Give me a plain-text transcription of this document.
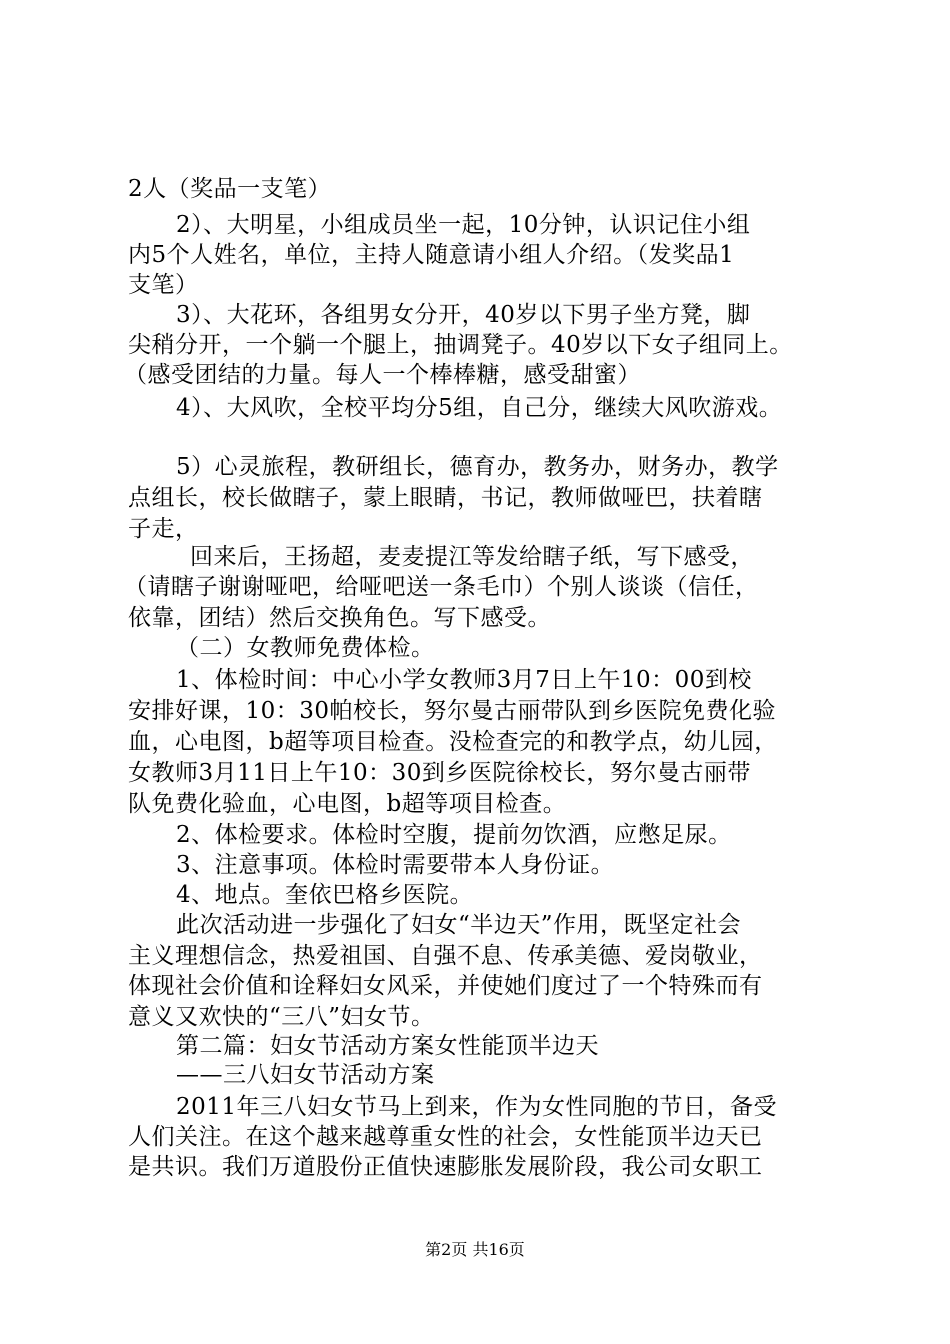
2人（奖品一支笔）
2）、大明星，小组成员坐一起，10分钟，认识记住小组
内5个人姓名，单位，主持人随意请小组人介绍。（发奖品1
支笔）
3）、大花环，各组男女分开，40岁以下男子坐方凳，脚
尖稍分开，一个躺一个腿上，抽调凳子。40岁以下女子组同上。
（感受团结的力量。每人一个棒棒糖，感受甜蜜）
4）、大风吹，全校平均分5组，自己分，继续大风吹游戏。
5）心灵旅程，教研组长，德育办，教务办，财务办，教学
点组长，校长做瞎子，蒙上眼睛，书记，教师做哑巴，扶着瞎
子走，
回来后，王扬超，麦麦提江等发给瞎子纸，写下感受，
（请瞎子谢谢哑吧，给哑吧送一条毛巾）个别人谈谈（信任，
依靠，团结）然后交换角色。写下感受。
（二）女教师免费体检。
1、体检时间：中心小学女教师3月7日上午10：00到校
安排好课，10：30帕校长，努尔曼古丽带队到乡医院免费化验
血，心电图，b超等项目检查。没检查完的和教学点，幼儿园，
女教师3月11日上午10：30到乡医院徐校长，努尔曼古丽带
队免费化验血，心电图，b超等项目检查。
2、体检要求。体检时空腹，提前勿饮酒，应憋足尿。
3、注意事项。体检时需要带本人身份证。
4、地点。奎依巴格乡医院。
此次活动进一步强化了妇女“半边天”作用，既坚定社会
主义理想信念，热爱祖国、自强不息、传承美德、爱岗敬业，
体现社会价值和诠释妇女风采，并使她们度过了一个特殊而有
意义又欢快的“三八”妇女节。
第二篇：妇女节活动方案女性能顶半边天
——三八妇女节活动方案
2011年三八妇女节马上到来，作为女性同胞的节日，备受
人们关注。在这个越来越尊重女性的社会，女性能顶半边天已
是共识。我们万道股份正值快速膨胀发展阶段，我公司女职工
第2页 共16页
